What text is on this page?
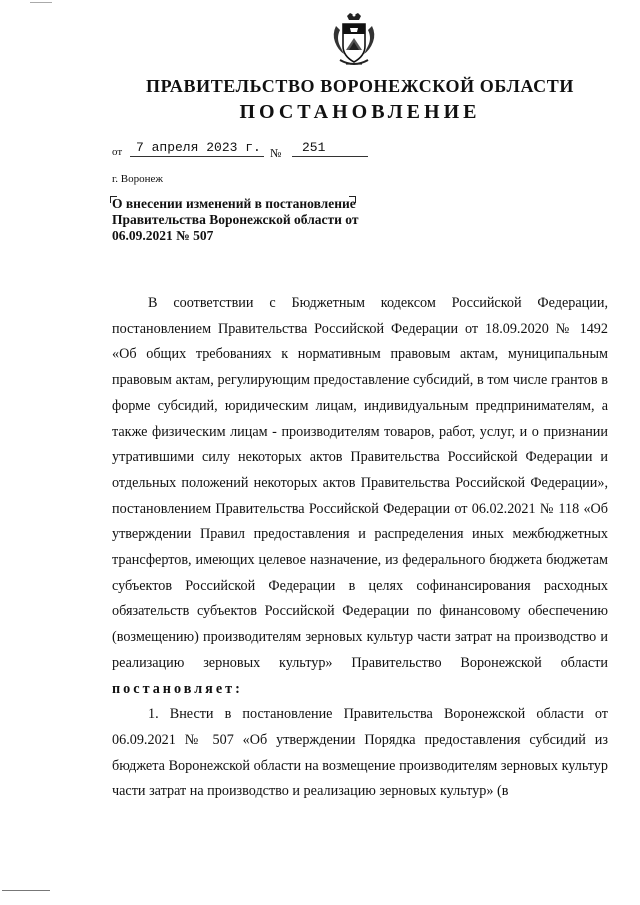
ПРАВИТЕЛЬСТВО ВОРОНЕЖСКОЙ ОБЛАСТИ
ПОСТАНОВЛЕНИЕ
от	7 апреля 2023 г. №	251
г. Воронеж
О внесении изменений в постановление Правительства Воронежской области от 06.09.2021 № 507

В соответствии с Бюджетным кодексом Российской Федерации, постановлением Правительства Российской Федерации от 18.09.2020 № 1492 «Об общих требованиях к нормативным правовым актам, муниципальным правовым актам, регулирующим предоставление субсидий, в том числе грантов в форме субсидий, юридическим лицам, индивидуальным предпринимателям, а также физическим лицам - производителям товаров, работ, услуг, и о признании утратившими силу некоторых актов Правительства Российской Федерации и отдельных положений некоторых актов Правительства Российской Федерации», постановлением Правительства Российской Федерации от 06.02.2021 № 118 «Об утверждении Правил предоставления и распределения иных межбюджетных трансфертов, имеющих целевое назначение, из федерального бюджета бюджетам субъектов Российской Федерации в целях софинансирования расходных обязательств субъектов Российской Федерации по финансовому обеспечению (возмещению) производителям зерновых культур части затрат на производство и реализацию зерновых культур» Правительство Воронежской области постановляет:

1. Внести в постановление Правительства Воронежской области от 06.09.2021 № 507 «Об утверждении Порядка предоставления субсидий из бюджета Воронежской области на возмещение производителям зерновых культур части затрат на производство и реализацию зерновых культур» (в
